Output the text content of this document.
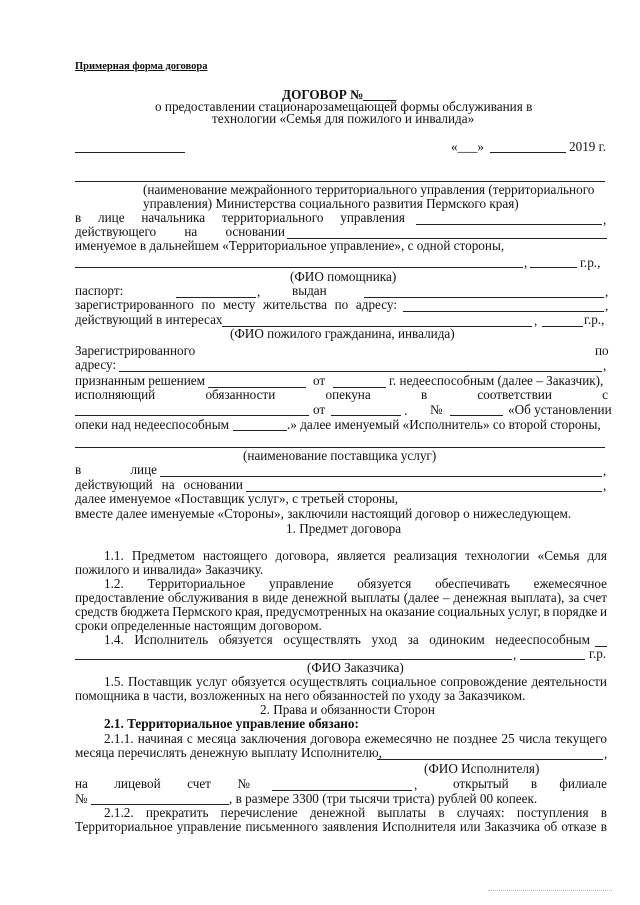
Примерная форма договора
ДОГОВОР №_____
о предоставлении стационарозамещающей формы обслуживания в
технологии «Семья для пожилого и инвалида»
«___»	2019 г.
(наименование межрайонного территориального управления (территориального
управления) Министерства социального развития Пермского края)
в лице начальника территориального управления	,
действующего на основании
именуемое в дальнейшем «Территориальное управление», с одной стороны,
,	г.р.,
(ФИО помощника)
паспорт:	, выдан	,
зарегистрированного по месту жительства по адресу:	,
действующий в интересах	,	г.р.,
(ФИО пожилого гражданина, инвалида)
Зарегистрированного	по
адресу:	,
признанным решением	от	г. недееспособным (далее – Заказчик),
исполняющий	обязанности	опекуна	в	соответствии	с
от	. №	«Об установлении
опеки над недееспособным	.» далее именуемый «Исполнитель» со второй стороны,
(наименование поставщика услуг)
в	лице	,
действующий на основании	,
далее именуемое «Поставщик услуг», с третьей стороны,
вместе далее именуемые «Стороны», заключили настоящий договор о нижеследующем.
1. Предмет договора
1.1. Предметом настоящего договора, является реализация технологии «Семья для
пожилого и инвалида» Заказчику.
1.2. Территориальное управление обязуется обеспечивать ежемесячное
предоставление обслуживания в виде денежной выплаты (далее – денежная выплата), за счет
средств бюджета Пермского края, предусмотренных на оказание социальных услуг, в порядке и
сроки определенные настоящим договором.
1.4. Исполнитель обязуется осуществлять уход за одиноким недееспособным
,	г.р.
(ФИО Заказчика)
1.5. Поставщик услуг обязуется осуществлять социальное сопровождение деятельности
помощника в части, возложенных на него обязанностей по уходу за Заказчиком.
2. Права и обязанности Сторон
2.1. Территориальное управление обязано:
2.1.1. начиная с месяца заключения договора ежемесячно не позднее 25 числа текущего
месяца перечислять денежную выплату Исполнителю,	,
(ФИО Исполнителя)
на лицевой счет №	,	открытый в филиале
№	, в размере 3300 (три тысячи триста) рублей 00 копеек.
2.1.2. прекратить перечисление денежной выплаты в случаях: поступления в
Территориальное управление письменного заявления Исполнителя или Заказчика об отказе в
